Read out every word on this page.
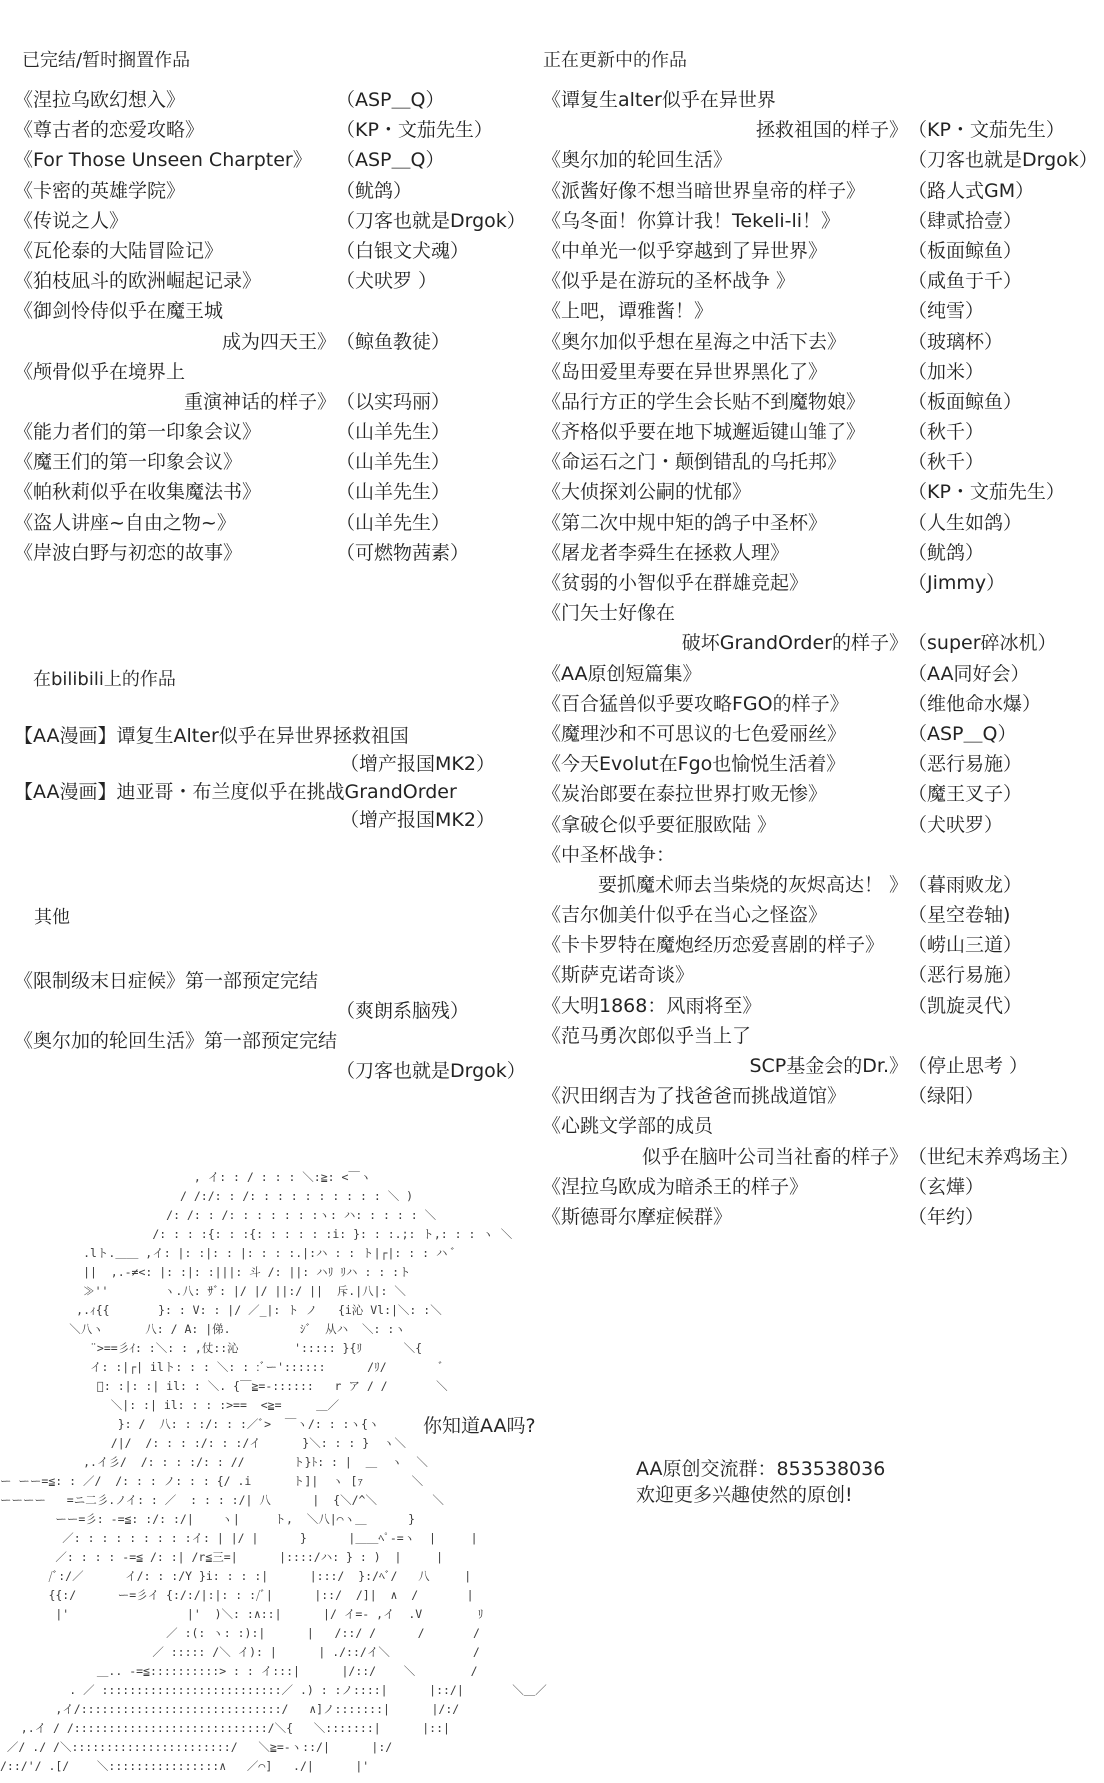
已完结/暂时搁置作品
《涅拉乌欧幻想入》	（ASP＿Q）
《尊古者的恋爱攻略》	（KP・文茄先生）
《For Those Unseen Charpter》	（ASP＿Q）
《卡密的英雄学院》	（鱿鸽）
《传说之人》	（刀客也就是Drgok）
《瓦伦泰的大陆冒险记》	（白银文犬魂）
《狛枝凪斗的欧洲崛起记录》	（犬吠罗 ）
《御剑怜侍似乎在魔王城
成为四天王》 （鲸鱼教徒）
《颅骨似乎在境界上
重演神话的样子》 （以实玛丽）
《能力者们的第一印象会议》	（山羊先生）
《魔王们的第一印象会议》	（山羊先生）
《帕秋莉似乎在收集魔法书》	（山羊先生）
《盗人讲座~自由之物~》	（山羊先生）
《岸波白野与初恋的故事》	（可燃物茜素）
在bilibili上的作品
【AA漫画】谭复生Alter似乎在异世界拯救祖国
（增产报国MK2）
【AA漫画】迪亚哥・布兰度似乎在挑战GrandOrder
（增产报国MK2）
其他
《限制级末日症候》第一部预定完结
（爽朗系脑残）
《奥尔加的轮回生活》第一部预定完结
（刀客也就是Drgok）
正在更新中的作品
《谭复生alter似乎在异世界
拯救祖国的样子》 （KP・文茄先生）
《奥尔加的轮回生活》	（刀客也就是Drgok）
《派酱好像不想当暗世界皇帝的样子》	（路人式GM）
《乌冬面！你算计我！Tekeli-li！》	（肆贰拾壹）
《中单光一似乎穿越到了异世界》	（板面鲸鱼）
《似乎是在游玩的圣杯战争 》	（咸鱼于千）
《上吧，谭雅酱！》	（纯雪）
《奥尔加似乎想在星海之中活下去》	（玻璃杯）
《岛田爱里寿要在异世界黑化了》	（加米）
《品行方正的学生会长贴不到魔物娘》	（板面鲸鱼）
《齐格似乎要在地下城邂逅键山雏了》	（秋千）
《命运石之门・颠倒错乱的乌托邦》	（秋千）
《大侦探刘公嗣的忧郁》	（KP・文茄先生）
《第二次中规中矩的鸽子中圣杯》	（人生如鸽）
《屠龙者李舜生在拯救人理》	（鱿鸽）
《贫弱的小智似乎在群雄竞起》	（Jimmy）
《门矢士好像在
破坏GrandOrder的样子》 （super碎冰机）
《AA原创短篇集》	（AA同好会）
《百合猛兽似乎要攻略FGO的样子》	（维他命水爆）
《魔理沙和不可思议的七色爱丽丝》	（ASP＿Q）
《今天Evolut在Fgo也愉悦生活着》	（恶行易施）
《炭治郎要在泰拉世界打败无惨》	（魔王叉子）
《拿破仑似乎要征服欧陆 》	（犬吠罗）
《中圣杯战争：
要抓魔术师去当柴烧的灰烬高达！ 》 （暮雨败龙）
《吉尔伽美什似乎在当心之怪盗》	（星空卷轴)
《卡卡罗特在魔炮经历恋爱喜剧的样子》	（崂山三道）
《斯萨克诺奇谈》	（恶行易施）
《大明1868：风雨将至》	（凯旋灵代）
《范马勇次郎似乎当上了
SCP基金会的Dr.》 （停止思考 ）
《沢田纲吉为了找爸爸而挑战道馆》	（绿阳）
《心跳文学部的成员
似乎在脑叶公司当社畜的样子》 （世纪末养鸡场主）
《涅拉乌欧成为暗杀王的样子》	（玄燁）
《斯德哥尔摩症候群》	（年约）
你知道AA吗?
AA原创交流群：853538036
欢迎更多兴趣使然的原创!
, イ: : / : : : ＼:≧: <￣ヽ
/ /:/: : /: : : : : : : : : : ＼ )
/: /: : /: : : : : : :ヽ: ハ: : : : : ＼
/: : : :{: : :{: : : : : :i: }: : :.;: ト,: : : ヽ ＼
.lト.＿＿ ,イ: |: :|: : |: : : :.|:ハ : : ト|┌|: : : ハ ﾞ
||  ,.-≠<: |: :|: :|||: 斗 /: ||: ハﾘ ﾘハ : : :ト
≫''        ヽ.八: ｻﾞ: |/ |/ ||:/ ||  斥.|八|: ＼
,.ｨ{{       }: : V: : |/ ／_|: ト ノ   {i沁 Vl:|＼: :＼
＼八ヽ      八: / A: |俤.          ｼﾞ  从ハ  ＼: :ヽ
¨>==彡ｲ: :＼: : ,仗::沁        '::::: }{ﾘ      ＼{
イ: :|┌| ilト: : : ＼: : :ﾞー'::::::      /ﾘ/        ﾞ
ﾞ: :|: :| il: : ＼. {￣≧=-::::::   r ア / /       ＼
＼|: :| il: : : :>==  <≧=     ＿／
}: /  八: : :/: : :／ﾞ>  ￣ヽ/: : :ヽ{ヽ
/|/  /: : : :/: : :/イ      }＼: : : }  ヽ＼
,.イ彡/  /: : : :/: : //       ト}ﾄ: : |  ＿  ヽ  ＼
ー ーー=≦: : ／/  /: : : ノ: : : {/ .i      ト]|  ヽ [ｧ       ＼
ーーーー   =ニ二彡.ノイ: : ／  : : : :/| 八      |  {＼/^＼        ＼
ーー=彡: -=≦: :/: :/|    ヽ|     ト,  ＼八|⌒ヽ＿      }
／: : : : : : : : :イ: | |/ |      }      |＿＿ﾍﾟ-=ヽ  |     |
／: : : : -=≦ /: :| /r≦三=|      |::::/ハ: } : )  |     |
/ﾞ:/／      イ/: : :/Y }i: : : :|      |:::/  }:/ﾍﾞ/   八     |
{{:/      ー=彡イ {:/:/|:|: : :/ﾞ|      |::/  /]|  ∧  /       |
|'                 |'  )＼: :∧::|      |/ イ=- ,イ  .V        ﾘ
／ :(: ヽ: :):|      |   /::/ /      /       /
／ ::::: /＼ イ): |      | ./::/イ＼            /
＿.. -=≦::::::::::> : : イ:::|      |/::/    ＼        /
. ／ ::::::::::::::::::::::::::／ .) : :ノ::::|      |::/|       ＼＿／
,イ/:::::::::::::::::::::::::::::/   ∧]ノ:::::::|      |/:/
,.イ / /::::::::::::::::::::::::::::/＼{   ＼:::::::|      |::|
／/ ./ /＼:::::::::::::::::::::::/   ＼≧=-ヽ::/|      |:/
/::/'/ .[/    ＼::::::::::::::::∧   ／⌒]   ./|      |'
